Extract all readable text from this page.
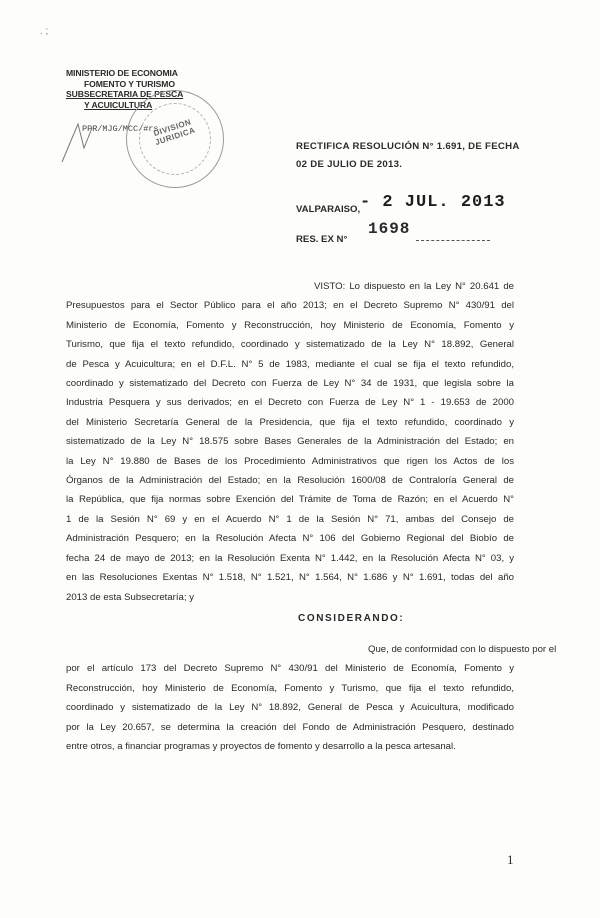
. ;
MINISTERIO DE ECONOMIA
FOMENTO Y TURISMO
SUBSECRETARIA DE PESCA
Y ACUICULTURA
PPR/MJG/MCC/#rs
DIVISION JURIDICA	RECTIFICA RESOLUCIÓN N° 1.691, DE FECHA
02 DE JULIO DE 2013.
VALPARAISO, - 2 JUL. 2013
RES. EX N°
1698
VISTO: Lo dispuesto en la Ley N° 20.641 de
Presupuestos para el Sector Público para el año 2013; en el Decreto Supremo N° 430/91 del
Ministerio de Economía, Fomento y Reconstrucción, hoy Ministerio de Economía, Fomento y
Turismo, que fija el texto refundido, coordinado y sistematizado de la Ley N° 18.892, General
de Pesca y Acuicultura; en el D.F.L. N° 5 de 1983, mediante el cual se fija el texto refundido,
coordinado y sistematizado del Decreto con Fuerza de Ley N° 34 de 1931, que legisla sobre la
Industria Pesquera y sus derivados; en el Decreto con Fuerza de Ley N° 1 - 19.653 de 2000
del Ministerio Secretaría General de la Presidencia, que fija el texto refundido, coordinado y
sistematizado de la Ley N° 18.575 sobre Bases Generales de la Administración del Estado; en
la Ley N° 19.880 de Bases de los Procedimiento Administrativos que rigen los Actos de los
Órganos de la Administración del Estado; en la Resolución 1600/08 de Contraloría General de
la República, que fija normas sobre Exención del Trámite de Toma de Razón; en el Acuerdo N°
1 de la Sesión N° 69 y en el Acuerdo N° 1 de la Sesión N° 71, ambas del Consejo de
Administración Pesquero; en la Resolución Afecta N° 106 del Gobierno Regional del Biobío de
fecha 24 de mayo de 2013; en la Resolución Exenta N° 1.442, en la Resolución Afecta N° 03, y
en las Resoluciones Exentas N° 1.518, N° 1.521, N° 1.564, N° 1.686 y N° 1.691, todas del año
2013 de esta Subsecretaría; y
CONSIDERANDO:
Que, de conformidad con lo dispuesto por el
por el artículo 173 del Decreto Supremo N° 430/91 del Ministerio de Economía, Fomento y
Reconstrucción, hoy Ministerio de Economía, Fomento y Turismo, que fija el texto refundido,
coordinado y sistematizado de la Ley N° 18.892, General de Pesca y Acuicultura, modificado
por la Ley 20.657, se determina la creación del Fondo de Administración Pesquero, destinado
entre otros, a financiar programas y proyectos de fomento y desarrollo a la pesca artesanal.
1
